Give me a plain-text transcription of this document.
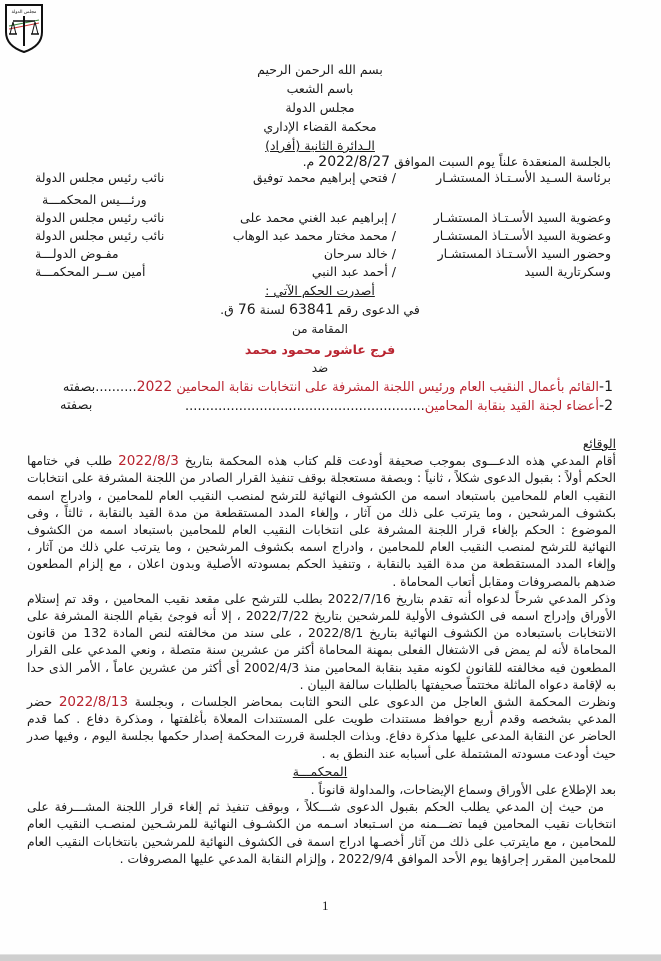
مجلس الدولة
بسم الله الرحمن الرحيم
باسم الشعب
مجلس الدولة
محكمة القضاء الإداري
الـدائرة الثانية (أفراد)
بالجلسة المنعقدة علناً يوم السبت الموافق 2022/8/27 م.
برئاسة السـيد الأسـتـاذ المستشـار
/ فتحي إبراهيم محمد توفيق
نائب رئيس مجلس الدولة
ورئـــيس المحكمـــة
وعضوية السيد الأسـتـاذ المستشـار
/ إبراهيم عبد الغني محمد على
نائب رئيس مجلس الدولة
وعضوية السيد الأسـتـاذ المستشـار
/ محمد مختار محمد عبد الوهاب
نائب رئيس مجلس الدولة
وحضور السيد الأسـتـاذ المستشـار
/ خالد سرحان
مفـوض الدولـــة
وسكرتارية السيد
/ أحمد عبد النبي
أمين ســر المحكمـــة
أصدرت الحكم الآتي :
في الدعوى رقم 63841 لسنة 76 ق.
المقامة من
فرج عاشور محمود محمد
ضد
1-القائم بأعمال النقيب العام ورئيس اللجنة المشرفة على انتخابات نقابة المحامين 2022..........بصفته
2-أعضاء لجنة القيد بنقابة المحامين..........................................................
بصفته
الوقائع

أقام المدعي هذه الدعـــوى بموجب صحيفة أودعت قلم كتاب هذه المحكمة بتاريخ 2022/8/3 طلب في ختامها الحكم أولاً : بقبول الدعوى شكلاً ، ثانياً : وبصفة مستعجلة بوقف تنفيذ القرار الصادر من اللجنة المشرفة على انتخابات النقيب العام للمحامين باستبعاد اسمه من الكشوف النهائية للترشح لمنصب النقيب العام للمحامين ، وادراج اسمه بكشوف المرشحين ، وما يترتب على ذلك من آثار ، وإلغاء المدد المستقطعة من مدة القيد بالنقابة ، ثالثاً ، وفى الموضوع : الحكم بإلغاء قرار اللجنة المشرفة على انتخابات النقيب العام للمحامين باستبعاد اسمه من الكشوف النهائية للترشح لمنصب النقيب العام للمحامين ، وادراج اسمه بكشوف المرشحين ، وما يترتب علي ذلك من آثار ، وإلغاء المدد المستقطعة من مدة القيد بالنقابة ، وتنفيذ الحكم بمسودته الأصلية وبدون اعلان ، مع إلزام المطعون ضدهم بالمصروفات ومقابل أتعاب المحاماة .

وذكر المدعي شرحاً لدعواه أنه تقدم بتاريخ 2022/7/16 بطلب للترشح على مقعد نقيب المحامين ، وقد تم إستلام الأوراق وإدراج اسمه فى الكشوف الأولية للمرشحين بتاريخ 2022/7/22 ، إلا أنه فوجئ بقيام اللجنة المشرفة على الانتخابات باستبعاده من الكشوف النهائية بتاريخ 2022/8/1 ، على سند من مخالفته لنص المادة 132 من قانون المحاماة لأنه لم يمض فى الاشتغال الفعلى بمهنة المحاماة أكثر من عشرين سنة متصلة ، ونعي المدعي على القرار المطعون فيه مخالفته للقانون لكونه مقيد بنقابة المحامين منذ 2002/4/3 أى أكثر من عشرين عاماً ، الأمر الذى حدا به لإقامة دعواه الماثلة مختتماً صحيفتها بالطلبات سالفة البيان .

ونظرت المحكمة الشق العاجل من الدعوى على النحو الثابت بمحاضر الجلسات ، وبجلسة 2022/8/13 حضر المدعي بشخصه وقدم أربع حوافظ مستندات طويت على المستندات المعلاة بأغلفتها ، ومذكرة دفاع . كما قدم الحاضر عن النقابة المدعى عليها مذكرة دفاع. وبذات الجلسة قررت المحكمة إصدار حكمها بجلسة اليوم ، وفيها صدر حيث أودعت مسودته المشتملة على أسبابه عند النطق به .

المحكمـــة

بعد الإطلاع على الأوراق وسماع الإيضاحات، والمداولة قانوناً .

من حيث إن المدعي يطلب الحكم بقبول الدعوى شـــكلاً ، وبوقف تنفيذ ثم إلغاء قرار اللجنة المشـــرفة على انتخابات نقيب المحامين فيما تضـــمنه من اسـتبعاد اسـمه من الكشـوف النهائية للمرشـحين لمنصـب النقيب العام للمحامين ، مع مايترتب على ذلك من آثار أخصـها ادراج اسمة فى الكشوف النهائية للمرشحين بانتخابات النقيب العام للمحامين المقرر إجراؤها يوم الأحد الموافق 2022/9/4 ، وإلزام النقابة المدعي عليها المصروفات .

1
